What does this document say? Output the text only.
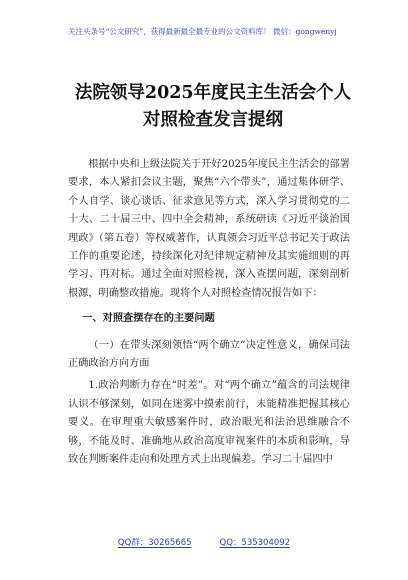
关注头条号“公文研究”，获得最新最全最专业的公文资料库！ 微信：gongwenyj
法院领导2025年度民主生活会个人对照检查发言提纲

根据中央和上级法院关于开好2025年度民主生活会的部署要求，本人紧扣会议主题，聚焦“六个带头”，通过集体研学、个人自学、谈心谈话、征求意见等方式，深入学习贯彻党的二十大、二十届三中、四中全会精神，系统研读《习近平谈治国理政》（第五卷）等权威著作，认真领会习近平总书记关于政法工作的重要论述，持续深化对纪律规定精神及其实施细则的再学习、再对标。通过全面对照检视，深入查摆问题，深刻剖析根源，明确整改措施。现将个人对照检查情况报告如下：

一、对照查摆存在的主要问题

（一）在带头深刻领悟“两个确立”决定性意义，确保司法正确政治方向方面

1.政治判断力存在“时差”。对“两个确立”蕴含的司法规律认识不够深刻，如同在迷雾中摸索前行，未能精准把握其核心要义。在审理重大敏感案件时，政治眼光和法治思维融合不够，不能及时、准确地从政治高度审视案件的本质和影响，导致在判断案件走向和处理方式上出现偏差。学习二十届四中

QQ群：30265665	QQ：535304092
